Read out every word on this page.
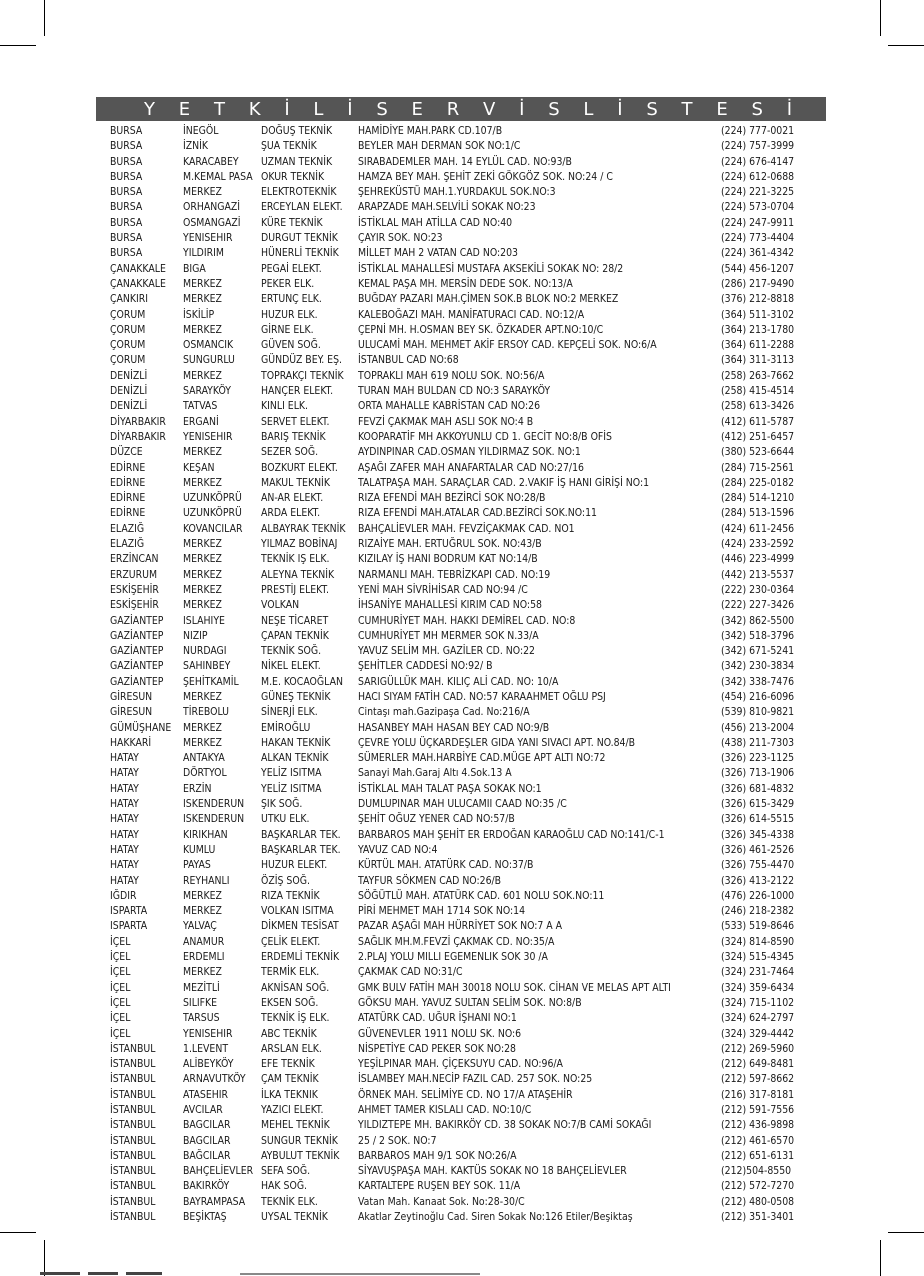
Y E T K İ L İ S E R V İ S L İ S T E S İ
BURSA	İNEGÖL	DOĞUŞ TEKNİK	HAMİDİYE MAH.PARK CD.107/B	(224) 777-0021
BURSA	İZNİK	ŞUA TEKNİK	BEYLER MAH DERMAN SOK NO:1/C	(224) 757-3999
BURSA	KARACABEY	UZMAN TEKNİK	SIRABADEMLER MAH. 14 EYLÜL CAD. NO:93/B	(224) 676-4147
BURSA	M.KEMAL PASA	OKUR TEKNİK	HAMZA BEY MAH. ŞEHİT ZEKİ GÖKGÖZ SOK. NO:24 / C	(224) 612-0688
BURSA	MERKEZ	ELEKTROTEKNİK	ŞEHREKÜSTÜ MAH.1.YURDAKUL SOK.NO:3	(224) 221-3225
BURSA	ORHANGAZİ	ERCEYLAN ELEKT.	ARAPZADE MAH.SELVİLİ SOKAK NO:23	(224) 573-0704
BURSA	OSMANGAZİ	KÜRE TEKNİK	İSTİKLAL MAH ATİLLA CAD NO:40	(224) 247-9911
BURSA	YENISEHIR	DURGUT TEKNİK	ÇAYIR SOK. NO:23	(224) 773-4404
BURSA	YILDIRIM	HÜNERLİ TEKNİK	MİLLET MAH 2 VATAN CAD NO:203	(224) 361-4342
ÇANAKKALE	BIGA	PEGAİ ELEKT.	İSTİKLAL MAHALLESİ MUSTAFA AKSEKİLİ SOKAK NO: 28/2	(544) 456-1207
ÇANAKKALE	MERKEZ	PEKER ELK.	KEMAL PAŞA MH. MERSİN DEDE SOK. NO:13/A	(286) 217-9490
ÇANKIRI	MERKEZ	ERTUNÇ ELK.	BUĞDAY PAZARI MAH.ÇİMEN SOK.B BLOK NO:2 MERKEZ	(376) 212-8818
ÇORUM	İSKİLİP	HUZUR ELK.	KALEBOĞAZI MAH. MANİFATURACI CAD. NO:12/A	(364) 511-3102
ÇORUM	MERKEZ	GİRNE ELK.	ÇEPNİ MH. H.OSMAN BEY SK. ÖZKADER APT.NO:10/C	(364) 213-1780
ÇORUM	OSMANCIK	GÜVEN SOĞ.	ULUCAMİ MAH. MEHMET AKİF ERSOY CAD. KEPÇELİ SOK. NO:6/A	(364) 611-2288
ÇORUM	SUNGURLU	GÜNDÜZ BEY. EŞ.	İSTANBUL CAD NO:68	(364) 311-3113
DENİZLİ	MERKEZ	TOPRAKÇI TEKNİK	TOPRAKLI MAH 619 NOLU SOK. NO:56/A	(258) 263-7662
DENİZLİ	SARAYKÖY	HANÇER ELEKT.	TURAN MAH BULDAN CD NO:3 SARAYKÖY	(258) 415-4514
DENİZLİ	TATVAS	KINLI ELK.	ORTA MAHALLE KABRİSTAN CAD NO:26	(258) 613-3426
DİYARBAKIR	ERGANİ	SERVET ELEKT.	FEVZİ ÇAKMAK MAH ASLI SOK NO:4 B	(412) 611-5787
DİYARBAKIR	YENISEHIR	BARIŞ TEKNİK	KOOPARATİF MH AKKOYUNLU CD 1. GECİT NO:8/B OFİS	(412) 251-6457
DÜZCE	MERKEZ	SEZER SOĞ.	AYDINPINAR CAD.OSMAN YILDIRMAZ SOK. NO:1	(380) 523-6644
EDİRNE	KEŞAN	BOZKURT ELEKT.	AŞAĞI ZAFER MAH ANAFARTALAR CAD NO:27/16	(284) 715-2561
EDİRNE	MERKEZ	MAKUL TEKNİK	TALATPAŞA MAH. SARAÇLAR CAD. 2.VAKIF İŞ HANI GİRİŞİ NO:1	(284) 225-0182
EDİRNE	UZUNKÖPRÜ	AN-AR ELEKT.	RIZA EFENDİ MAH BEZİRCİ SOK NO:28/B	(284) 514-1210
EDİRNE	UZUNKÖPRÜ	ARDA ELEKT.	RIZA EFENDİ MAH.ATALAR CAD.BEZİRCİ SOK.NO:11	(284) 513-1596
ELAZIĞ	KOVANCILAR	ALBAYRAK TEKNİK	BAHÇALİEVLER MAH. FEVZİÇAKMAK CAD. NO1	(424) 611-2456
ELAZIĞ	MERKEZ	YILMAZ BOBİNAJ	RIZAİYE MAH. ERTUĞRUL SOK. NO:43/B	(424) 233-2592
ERZİNCAN	MERKEZ	TEKNİK IŞ ELK.	KIZILAY İŞ HANI BODRUM KAT NO:14/B	(446) 223-4999
ERZURUM	MERKEZ	ALEYNA TEKNİK	NARMANLI MAH. TEBRİZKAPI CAD. NO:19	(442) 213-5537
ESKİŞEHİR	MERKEZ	PRESTİJ ELEKT.	YENİ MAH SİVRİHİSAR CAD NO:94 /C	(222) 230-0364
ESKİŞEHİR	MERKEZ	VOLKAN	İHSANİYE MAHALLESİ KIRIM CAD NO:58	(222) 227-3426
GAZİANTEP	ISLAHIYE	NEŞE TİCARET	CUMHURİYET MAH. HAKKI DEMİREL CAD. NO:8	(342) 862-5500
GAZİANTEP	NIZIP	ÇAPAN TEKNİK	CUMHURİYET MH MERMER SOK N.33/A	(342) 518-3796
GAZİANTEP	NURDAGI	TEKNİK SOĞ.	YAVUZ SELİM MH. GAZİLER CD. NO:22	(342) 671-5241
GAZİANTEP	SAHINBEY	NİKEL ELEKT.	ŞEHİTLER CADDESİ NO:92/ B	(342) 230-3834
GAZİANTEP	ŞEHİTKAMİL	M.E. KOCAOĞLAN	SARIGÜLLÜK MAH. KILIÇ ALİ CAD. NO: 10/A	(342) 338-7476
GİRESUN	MERKEZ	GÜNEŞ TEKNİK	HACI SIYAM FATİH CAD. NO:57 KARAAHMET OĞLU PSJ	(454) 216-6096
GİRESUN	TİREBOLU	SİNERJİ ELK.	Cintaşı mah.Gazipaşa Cad. No:216/A	(539) 810-9821
GÜMÜŞHANE	MERKEZ	EMİROĞLU	HASANBEY MAH HASAN BEY CAD NO:9/B	(456) 213-2004
HAKKARİ	MERKEZ	HAKAN TEKNİK	ÇEVRE YOLU ÜÇKARDEŞLER GIDA YANI SIVACI APT. NO.84/B	(438) 211-7303
HATAY	ANTAKYA	ALKAN TEKNİK	SÜMERLER MAH.HARBİYE CAD.MÜGE APT ALTI NO:72	(326) 223-1125
HATAY	DÖRTYOL	YELİZ ISITMA	Sanayi Mah.Garaj Altı 4.Sok.13 A	(326) 713-1906
HATAY	ERZİN	YELİZ ISITMA	İSTİKLAL MAH TALAT PAŞA SOKAK NO:1	(326) 681-4832
HATAY	ISKENDERUN	ŞIK SOĞ.	DUMLUPINAR MAH ULUCAMII CAAD NO:35 /C	(326) 615-3429
HATAY	ISKENDERUN	UTKU ELK.	ŞEHİT OĞUZ YENER CAD NO:57/B	(326) 614-5515
HATAY	KIRIKHAN	BAŞKARLAR TEK.	BARBAROS MAH ŞEHİT ER ERDOĞAN KARAOĞLU CAD NO:141/C-1	(326) 345-4338
HATAY	KUMLU	BAŞKARLAR TEK.	YAVUZ CAD NO:4	(326) 461-2526
HATAY	PAYAS	HUZUR ELEKT.	KÜRTÜL MAH. ATATÜRK CAD. NO:37/B	(326) 755-4470
HATAY	REYHANLI	ÖZİŞ SOĞ.	TAYFUR SÖKMEN CAD NO:26/B	(326) 413-2122
IĞDIR	MERKEZ	RIZA TEKNİK	SÖĞÜTLÜ MAH. ATATÜRK CAD. 601 NOLU SOK.NO:11	(476) 226-1000
ISPARTA	MERKEZ	VOLKAN ISITMA	PİRİ MEHMET MAH 1714 SOK NO:14	(246) 218-2382
ISPARTA	YALVAÇ	DİKMEN TESİSAT	PAZAR AŞAĞI MAH HÜRRİYET SOK NO:7 A A	(533) 519-8646
İÇEL	ANAMUR	ÇELİK ELEKT.	SAĞLIK MH.M.FEVZİ ÇAKMAK CD. NO:35/A	(324) 814-8590
İÇEL	ERDEMLI	ERDEMLİ TEKNİK	2.PLAJ YOLU MILLI EGEMENLIK SOK 30 /A	(324) 515-4345
İÇEL	MERKEZ	TERMİK ELK.	ÇAKMAK CAD NO:31/C	(324) 231-7464
İÇEL	MEZİTLİ	AKNİSAN SOĞ.	GMK BULV FATİH MAH 30018 NOLU SOK. CİHAN VE MELAS APT ALTI	(324) 359-6434
İÇEL	SILIFKE	EKSEN SOĞ.	GÖKSU MAH. YAVUZ SULTAN SELİM SOK. NO:8/B	(324) 715-1102
İÇEL	TARSUS	TEKNİK İŞ ELK.	ATATÜRK CAD. UĞUR İŞHANI NO:1	(324) 624-2797
İÇEL	YENISEHIR	ABC TEKNİK	GÜVENEVLER 1911 NOLU SK. NO:6	(324) 329-4442
İSTANBUL	1.LEVENT	ARSLAN ELK.	NİSPETİYE CAD PEKER SOK NO:28	(212) 269-5960
İSTANBUL	ALİBEYKÖY	EFE TEKNİK	YEŞİLPINAR MAH. ÇİÇEKSUYU CAD. NO:96/A	(212) 649-8481
İSTANBUL	ARNAVUTKÖY	ÇAM TEKNİK	İSLAMBEY MAH.NECİP FAZIL CAD. 257 SOK. NO:25	(212) 597-8662
İSTANBUL	ATASEHIR	İLKA TEKNIK	ÖRNEK MAH. SELİMİYE CD. NO 17/A ATAŞEHİR	(216) 317-8181
İSTANBUL	AVCILAR	YAZICI ELEKT.	AHMET TAMER KISLALI CAD. NO:10/C	(212) 591-7556
İSTANBUL	BAGCILAR	MEHEL TEKNİK	YILDIZTEPE MH. BAKIRKÖY CD. 38 SOKAK NO:7/B CAMİ SOKAĞI	(212) 436-9898
İSTANBUL	BAGCILAR	SUNGUR TEKNİK	25 / 2 SOK. NO:7	(212) 461-6570
İSTANBUL	BAĞCILAR	AYBULUT TEKNİK	BARBAROS MAH 9/1 SOK NO:26/A	(212) 651-6131
İSTANBUL	BAHÇELİEVLER	SEFA SOĞ.	SİYAVUŞPAŞA MAH. KAKTÜS SOKAK NO 18 BAHÇELİEVLER	(212)504-8550
İSTANBUL	BAKIRKÖY	HAK SOĞ.	KARTALTEPE RUŞEN BEY SOK. 11/A	(212) 572-7270
İSTANBUL	BAYRAMPASA	TEKNİK ELK.	Vatan Mah. Kanaat Sok. No:28-30/C	(212) 480-0508
İSTANBUL	BEŞİKTAŞ	UYSAL TEKNİK	Akatlar Zeytinoğlu Cad. Siren Sokak No:126 Etiler/Beşiktaş	(212) 351-3401
